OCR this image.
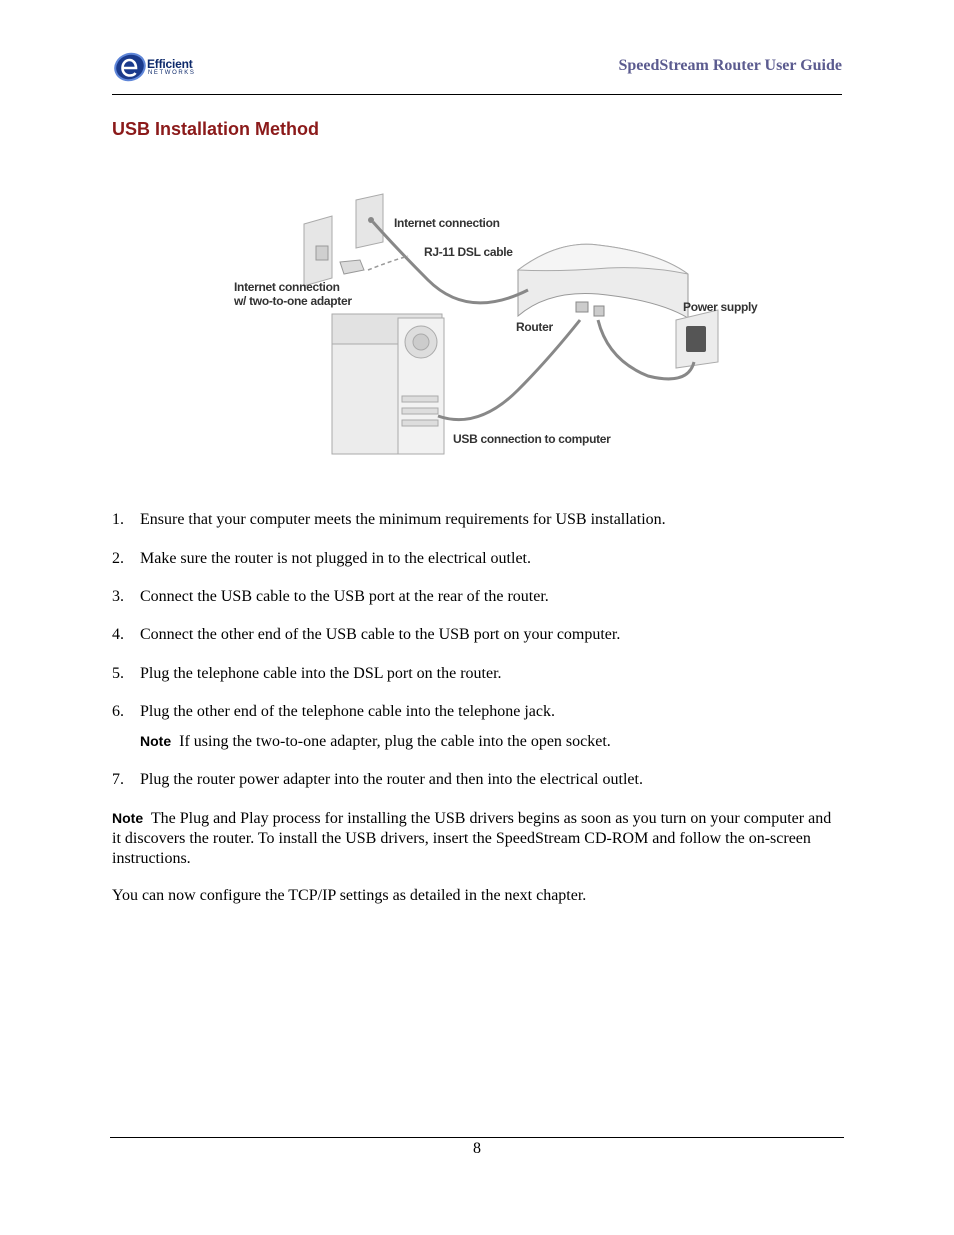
Efficient
NETWORKS	SpeedStream Router User Guide
USB Installation Method
Internet connection
RJ-11 DSL cable
Internet connection
w/ two-to-one adapter
Router
Power supply
USB connection to computer
1. Ensure that your computer meets the minimum requirements for USB installation.
2. Make sure the router is not plugged in to the electrical outlet.
3. Connect the USB cable to the USB port at the rear of the router.
4. Connect the other end of the USB cable to the USB port on your computer.
5. Plug the telephone cable into the DSL port on the router.
6. Plug the other end of the telephone cable into the telephone jack.
Note If using the two-to-one adapter, plug the cable into the open socket.
7. Plug the router power adapter into the router and then into the electrical outlet.
Note The Plug and Play process for installing the USB drivers begins as soon as you turn on your computer and it discovers the router. To install the USB drivers, insert the SpeedStream CD-ROM and follow the on-screen instructions.
You can now configure the TCP/IP settings as detailed in the next chapter.
8
